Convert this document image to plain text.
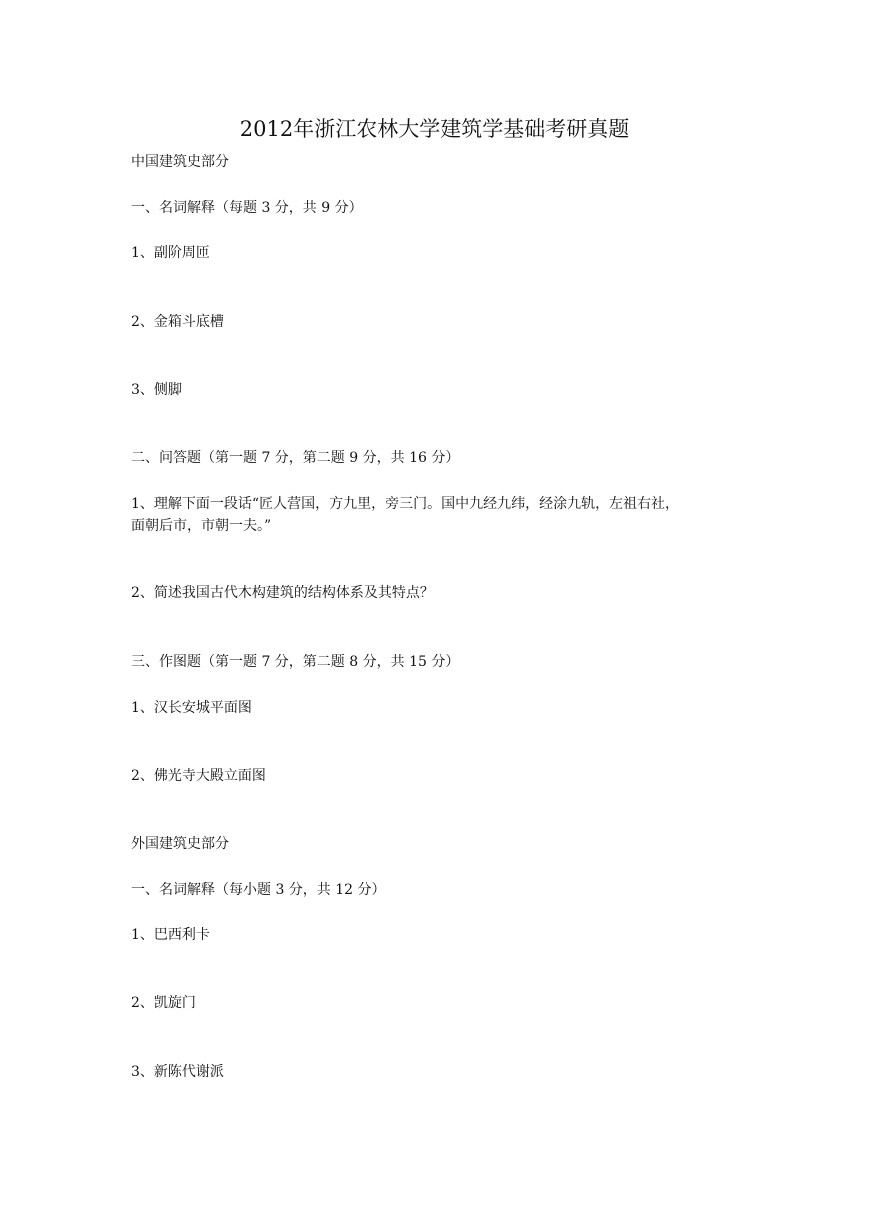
2012年浙江农林大学建筑学基础考研真题
中国建筑史部分
一、名词解释（每题 3 分，共 9 分）
1、副阶周匝
2、金箱斗底槽
3、侧脚
二、问答题（第一题 7 分，第二题 9 分，共 16 分）
1、理解下面一段话“匠人营国，方九里，旁三门。国中九经九纬，经涂九轨，左祖右社，
面朝后市，市朝一夫。”
2、简述我国古代木构建筑的结构体系及其特点？
三、作图题（第一题 7 分，第二题 8 分，共 15 分）
1、汉长安城平面图
2、佛光寺大殿立面图
外国建筑史部分
一、名词解释（每小题 3 分，共 12 分）
1、巴西利卡
2、凯旋门
3、新陈代谢派
